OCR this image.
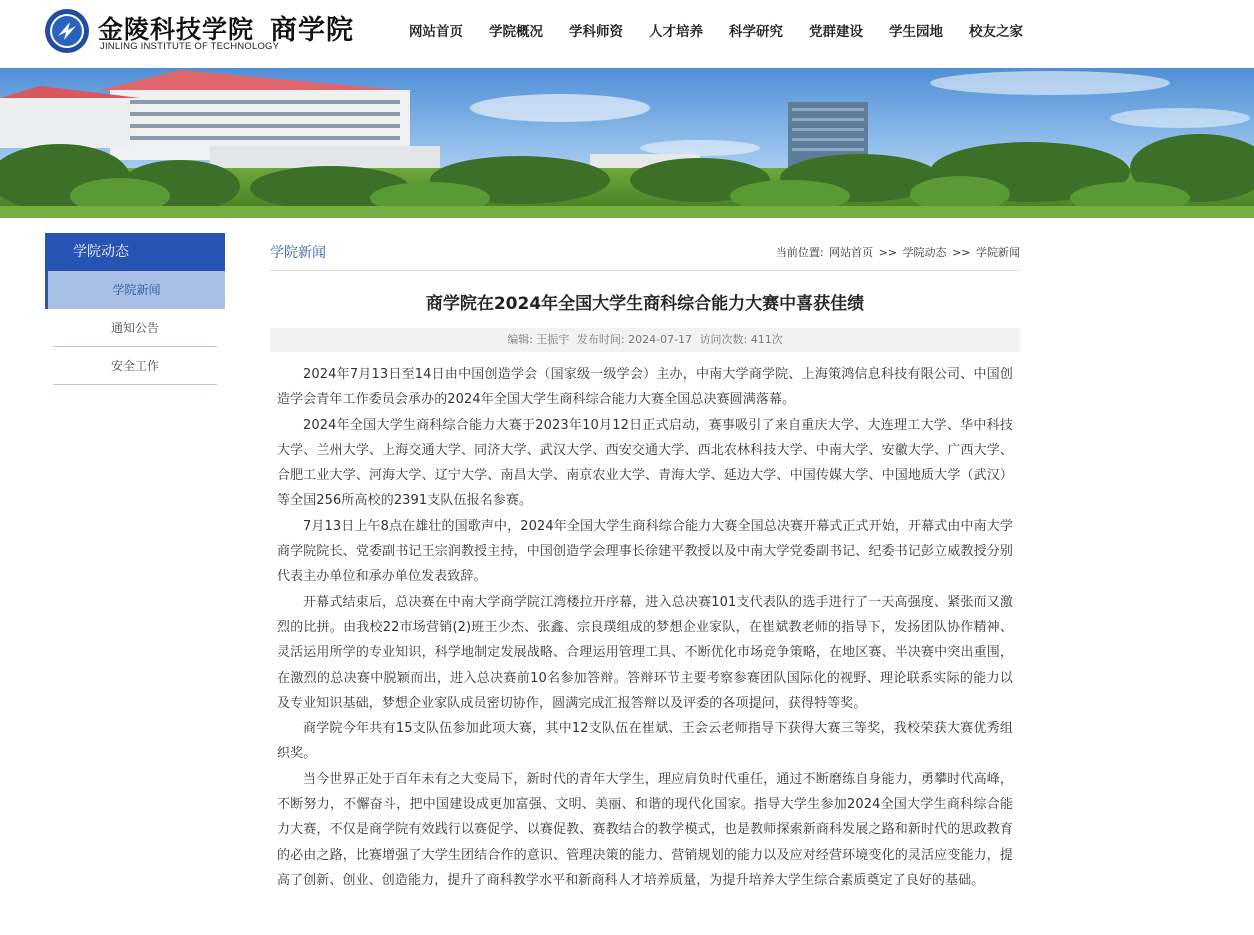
金陵科技学院
JINLING INSTITUTE OF TECHNOLOGY
商学院	网站首页 学院概况 学科师资 人才培养 科学研究 党群建设 学生园地 校友之家
学院动态
学院新闻
通知公告
安全工作
学院新闻	当前位置: 网站首页 >> 学院动态 >> 学院新闻
商学院在2024年全国大学生商科综合能力大赛中喜获佳绩
编辑: 王振宇 发布时间: 2024-07-17 访问次数: 411次

2024年7月13日至14日由中国创造学会（国家级一级学会）主办，中南大学商学院、上海策鸿信息科技有限公司、中国创造学会青年工作委员会承办的2024年全国大学生商科综合能力大赛全国总决赛圆满落幕。

2024年全国大学生商科综合能力大赛于2023年10月12日正式启动，赛事吸引了来自重庆大学、大连理工大学、华中科技大学、兰州大学、上海交通大学、同济大学、武汉大学、西安交通大学、西北农林科技大学、中南大学、安徽大学、广西大学、合肥工业大学、河海大学、辽宁大学、南昌大学、南京农业大学、青海大学、延边大学、中国传媒大学、中国地质大学（武汉）等全国256所高校的2391支队伍报名参赛。

7月13日上午8点在雄壮的国歌声中，2024年全国大学生商科综合能力大赛全国总决赛开幕式正式开始，开幕式由中南大学商学院院长、党委副书记王宗润教授主持，中国创造学会理事长徐建平教授以及中南大学党委副书记、纪委书记彭立威教授分别代表主办单位和承办单位发表致辞。

开幕式结束后，总决赛在中南大学商学院江湾楼拉开序幕，进入总决赛101支代表队的选手进行了一天高强度、紧张而又激烈的比拼。由我校22市场营销(2)班王少杰、张鑫、宗良璞组成的梦想企业家队，在崔斌教老师的指导下，发扬团队协作精神、灵活运用所学的专业知识，科学地制定发展战略、合理运用管理工具、不断优化市场竞争策略，在地区赛、半决赛中突出重围，在激烈的总决赛中脱颖而出，进入总决赛前10名参加答辩。答辩环节主要考察参赛团队国际化的视野、理论联系实际的能力以及专业知识基础，梦想企业家队成员密切协作，圆满完成汇报答辩以及评委的各项提问，获得特等奖。

商学院今年共有15支队伍参加此项大赛，其中12支队伍在崔斌、王会云老师指导下获得大赛三等奖，我校荣获大赛优秀组织奖。

当今世界正处于百年未有之大变局下，新时代的青年大学生，理应肩负时代重任，通过不断磨练自身能力，勇攀时代高峰，不断努力，不懈奋斗，把中国建设成更加富强、文明、美丽、和谐的现代化国家。指导大学生参加2024全国大学生商科综合能力大赛，不仅是商学院有效践行以赛促学、以赛促教、赛教结合的教学模式，也是教师探索新商科发展之路和新时代的思政教育的必由之路，比赛增强了大学生团结合作的意识、管理决策的能力、营销规划的能力以及应对经营环境变化的灵活应变能力，提高了创新、创业、创造能力，提升了商科教学水平和新商科人才培养质量，为提升培养大学生综合素质奠定了良好的基础。
